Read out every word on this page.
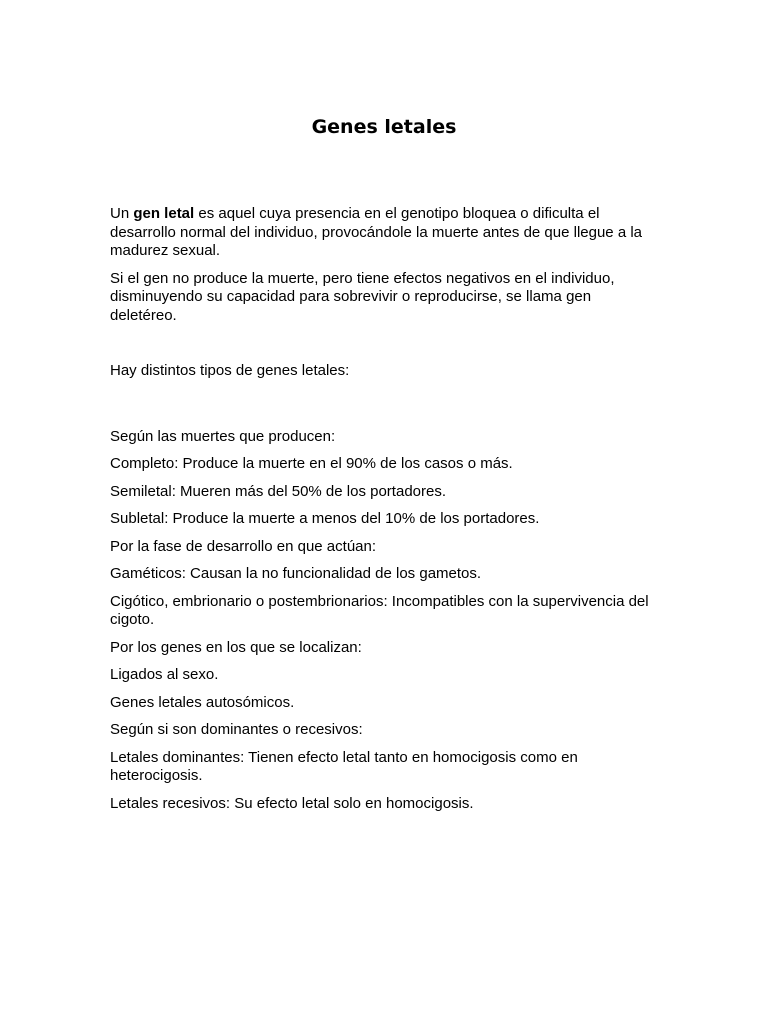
Genes letales

Un gen letal es aquel cuya presencia en el genotipo bloquea o dificulta el desarrollo normal del individuo, provocándole la muerte antes de que llegue a la madurez sexual.

Si el gen no produce la muerte, pero tiene efectos negativos en el individuo, disminuyendo su capacidad para sobrevivir o reproducirse, se llama gen deletéreo.

Hay distintos tipos de genes letales:

Según las muertes que producen:

Completo: Produce la muerte en el 90% de los casos o más.

Semiletal: Mueren más del 50% de los portadores.

Subletal: Produce la muerte a menos del 10% de los portadores.

Por la fase de desarrollo en que actúan:

Gaméticos: Causan la no funcionalidad de los gametos.

Cigótico, embrionario o postembrionarios: Incompatibles con la supervivencia del cigoto.

Por los genes en los que se localizan:

Ligados al sexo.

Genes letales autosómicos.

Según si son dominantes o recesivos:

Letales dominantes: Tienen efecto letal tanto en homocigosis como en heterocigosis.

Letales recesivos: Su efecto letal solo en homocigosis.
